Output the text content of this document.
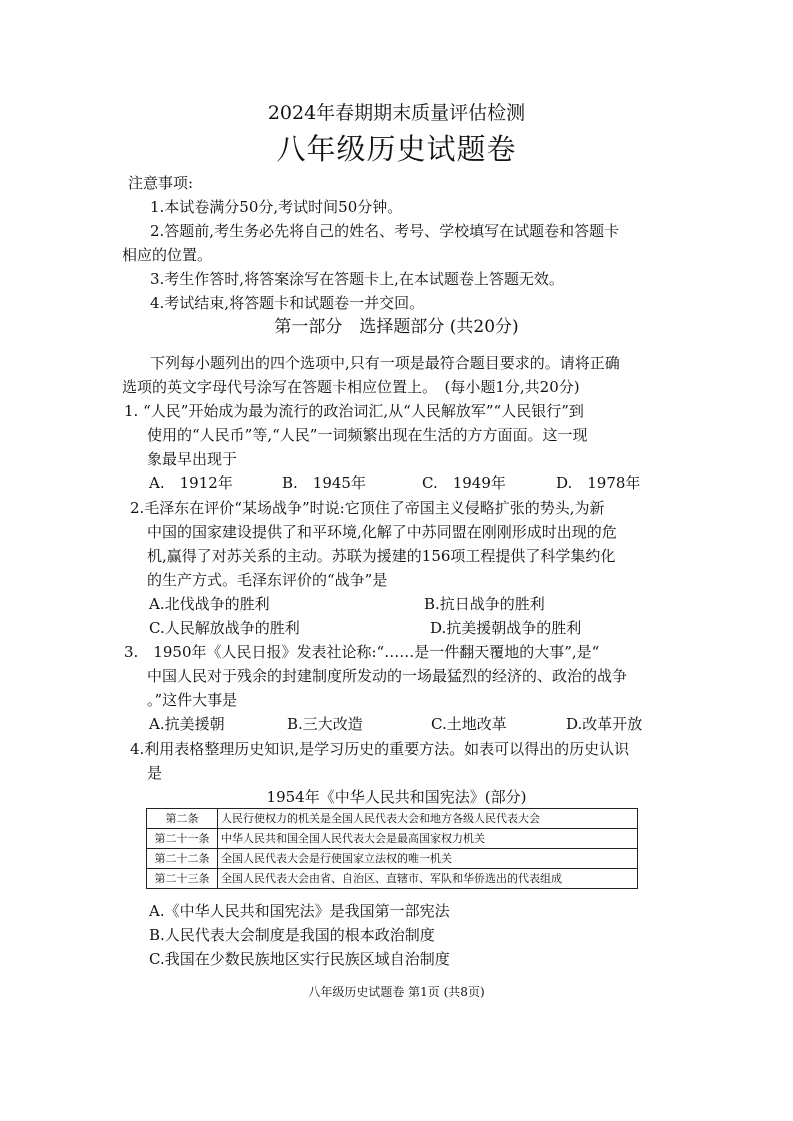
2024年春期期末质量评估检测
八年级历史试题卷
注意事项:
1.本试卷满分50分,考试时间50分钟。
2.答题前,考生务必先将自己的姓名、考号、学校填写在试题卷和答题卡
相应的位置。
3.考生作答时,将答案涂写在答题卡上,在本试题卷上答题无效。
4.考试结束,将答题卡和试题卷一并交回。
第一部分　选择题部分 (共20分)
下列每小题列出的四个选项中,只有一项是最符合题目要求的。请将正确
选项的英文字母代号涂写在答题卡相应位置上。　(每小题1分,共20分)
1. “人民”开始成为最为流行的政治词汇,从“人民解放军”“人民银行”到
使用的“人民币”等,“人民”一词频繁出现在生活的方方面面。这一现
象最早出现于
A.　1912年	B.　1945年	C.　1949年	D.　1978年
2.毛泽东在评价“某场战争”时说:它顶住了帝国主义侵略扩张的势头,为新
中国的国家建设提供了和平环境,化解了中苏同盟在刚刚形成时出现的危
机,赢得了对苏关系的主动。苏联为援建的156项工程提供了科学集约化
的生产方式。毛泽东评价的“战争”是
A.北伐战争的胜利	B.抗日战争的胜利
C.人民解放战争的胜利	D.抗美援朝战争的胜利
3.　1950年《人民日报》发表社论称:“……是一件翻天覆地的大事”,是“
中国人民对于残余的封建制度所发动的一场最猛烈的经济的、政治的战争
。”这件大事是
A.抗美援朝	B.三大改造	C.土地改革	D.改革开放
4.利用表格整理历史知识,是学习历史的重要方法。如表可以得出的历史认识
是
1954年《中华人民共和国宪法》(部分)
第二条	人民行使权力的机关是全国人民代表大会和地方各级人民代表大会
第二十一条	中华人民共和国全国人民代表大会是最高国家权力机关
第二十二条	全国人民代表大会是行使国家立法权的唯一机关
第二十三条	全国人民代表大会由省、自治区、直辖市、军队和华侨选出的代表组成
A.《中华人民共和国宪法》是我国第一部宪法
B.人民代表大会制度是我国的根本政治制度
C.我国在少数民族地区实行民族区域自治制度
八年级历史试题卷 第1页 (共8页)
